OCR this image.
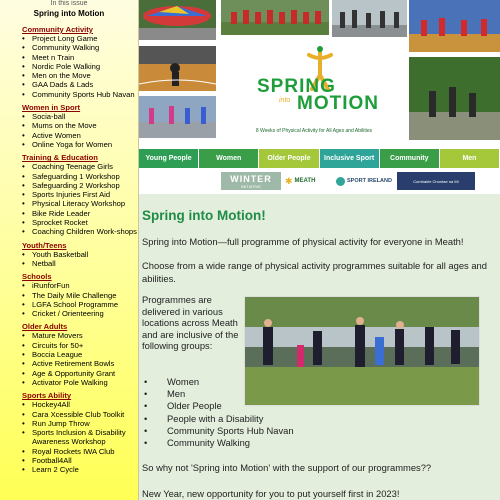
In this issue
Spring into Motion
Community Activity
• Project Long Game
• Community Walking
• Meet n Train
• Nordic Pole Walking
• Men on the Move
• GAA Dads & Lads
• Community Sports Hub Navan
Women in Sport
• Socia-ball
• Mums on the Move
• Active Women
• Online Yoga for Women
Training & Education
• Coaching Teenage Girls
• Safeguarding 1 Workshop
• Safeguarding 2 Workshop
• Sports Injuries First Aid
• Physical Literacy Workshop
• Bike Ride Leader
• Sprocket Rocket
• Coaching Children Work-shops
Youth/Teens
• Youth Basketball
• Netball
Schools
• iRunforFun
• The Daily Mile Challenge
• LGFA School Programme
• Cricket / Orienteering
Older Adults
• Mature Movers
• Circuits for 50+
• Boccia League
• Active Retirement Bowls
• Age & Opportunity Grant
• Activator Pole Walking
Sports Ability
• Hockey4All
• Cara Xcessible Club Toolkit
• Run Jump Throw
• Sports Inclusion & Disability Awareness Workshop
• Royal Rockets IWA Club
• Football4All
• Learn 2 Cycle
SPRING
into MOTION
8 Weeks of Physical Activity for All Ages and Abilities
Young People	Women	Older People	Inclusive Sport	Community	Men
WINTER
INITIATIVE
✱ MEATH	SPORT IRELAND	Comhairle Chontae na Mí
Spring into Motion!

Spring into Motion—full programme of physical activity for everyone in Meath!

Choose from a wide range of physical activity programmes suitable for all ages and abilities.

Programmes are delivered in various locations across Meath and are inclusive of the following groups:
• Women
• Men
• Older People
• People with a Disability
• Community Sports Hub Navan
• Community Walking

So why not 'Spring into Motion' with the support of our programmes??

New Year, new opportunity for you to put yourself first in 2023!
